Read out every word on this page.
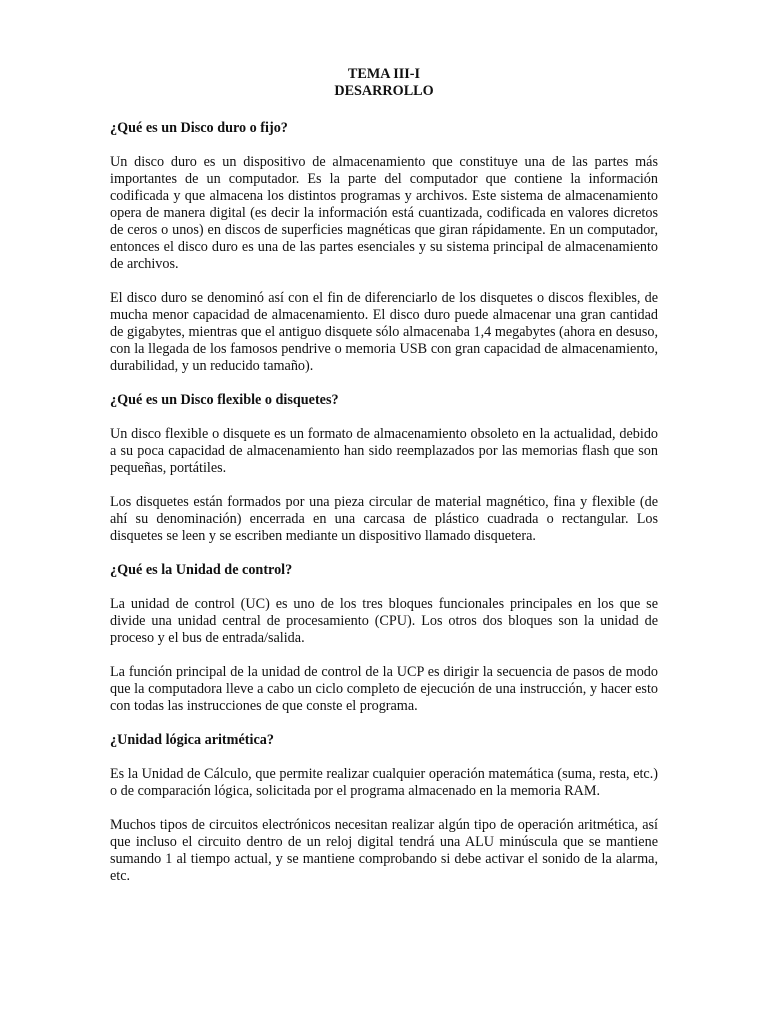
TEMA III-I
DESARROLLO

¿Qué es un Disco duro o fijo?

Un disco duro es un dispositivo de almacenamiento que constituye una de las partes más importantes de un computador. Es la parte del computador que contiene la información codificada y que almacena los distintos programas y archivos. Este sistema de almacenamiento opera de manera digital (es decir la información está cuantizada, codificada en valores dicretos de ceros o unos) en discos de superficies magnéticas que giran rápidamente. En un computador, entonces el disco duro es una de las partes esenciales y su sistema principal de almacenamiento de archivos.

El disco duro se denominó así con el fin de diferenciarlo de los disquetes o discos flexibles, de mucha menor capacidad de almacenamiento. El disco duro puede almacenar una gran cantidad de gigabytes, mientras que el antiguo disquete sólo almacenaba 1,4 megabytes (ahora en desuso, con la llegada de los famosos pendrive o memoria USB con gran capacidad de almacenamiento, durabilidad, y un reducido tamaño).

¿Qué es un Disco flexible o disquetes?

Un disco flexible o disquete es un formato de almacenamiento obsoleto en la actualidad, debido a su poca capacidad de almacenamiento han sido reemplazados por las memorias flash que son pequeñas, portátiles.

Los disquetes están formados por una pieza circular de material magnético, fina y flexible (de ahí su denominación) encerrada en una carcasa de plástico cuadrada o rectangular. Los disquetes se leen y se escriben mediante un dispositivo llamado disquetera.

¿Qué es la Unidad de control?

La unidad de control (UC) es uno de los tres bloques funcionales principales en los que se divide una unidad central de procesamiento (CPU). Los otros dos bloques son la unidad de proceso y el bus de entrada/salida.

La función principal de la unidad de control de la UCP es dirigir la secuencia de pasos de modo que la computadora lleve a cabo un ciclo completo de ejecución de una instrucción, y hacer esto con todas las instrucciones de que conste el programa.

¿Unidad lógica aritmética?

Es la Unidad de Cálculo, que permite realizar cualquier operación matemática (suma, resta, etc.) o de comparación lógica, solicitada por el programa almacenado en la memoria RAM.

Muchos tipos de circuitos electrónicos necesitan realizar algún tipo de operación aritmética, así que incluso el circuito dentro de un reloj digital tendrá una ALU minúscula que se mantiene sumando 1 al tiempo actual, y se mantiene comprobando si debe activar el sonido de la alarma, etc.
